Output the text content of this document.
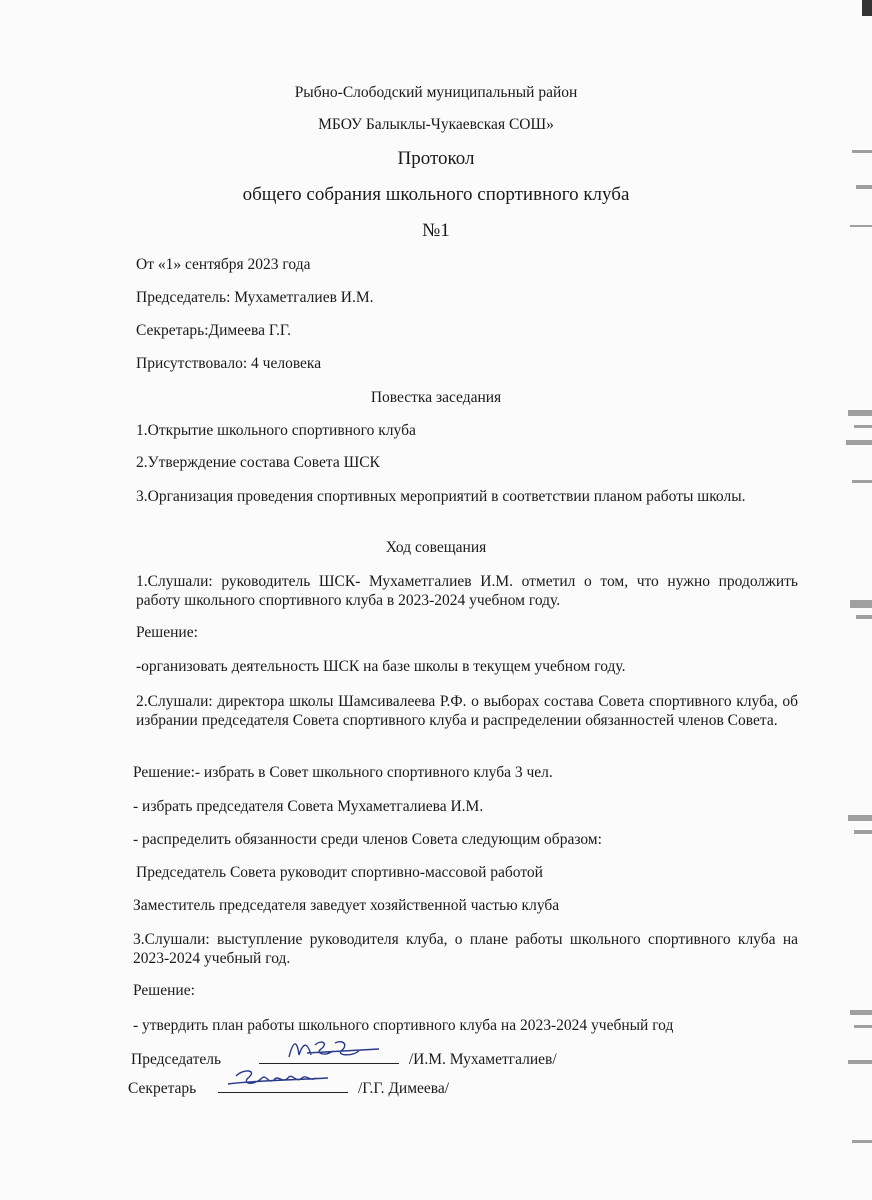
Рыбно-Слободский муниципальный район
МБОУ Балыклы-Чукаевская СОШ»
Протокол
общего собрания школьного спортивного клуба
№1
От «1» сентября 2023 года
Председатель: Мухаметгалиев И.М.
Секретарь:Димеева Г.Г.
Присутствовало: 4 человека
Повестка заседания
1.Открытие школьного спортивного клуба
2.Утверждение состава Совета ШСК
3.Организация проведения спортивных мероприятий в соответствии планом работы школы.
Ход совещания
1.Слушали: руководитель ШСК- Мухаметгалиев И.М. отметил о том, что нужно продолжить работу школьного спортивного клуба в 2023-2024 учебном году.
Решение:
-организовать деятельность ШСК на базе школы в текущем учебном году.
2.Слушали: директора школы Шамсивалеева Р.Ф. о выборах состава Совета спортивного клуба, об избрании председателя Совета спортивного клуба и распределении обязанностей членов Совета.
Решение:- избрать в Совет школьного спортивного клуба 3 чел.
- избрать председателя Совета Мухаметгалиева И.М.
- распределить обязанности среди членов Совета следующим образом:
Председатель Совета руководит спортивно-массовой работой
Заместитель председателя заведует хозяйственной частью клуба
3.Слушали: выступление руководителя клуба, о плане работы школьного спортивного клуба на 2023-2024 учебный год.
Решение:
- утвердить план работы школьного спортивного клуба на 2023-2024 учебный год
Председатель	/И.М. Мухаметгалиев/
Секретарь	/Г.Г. Димеева/
